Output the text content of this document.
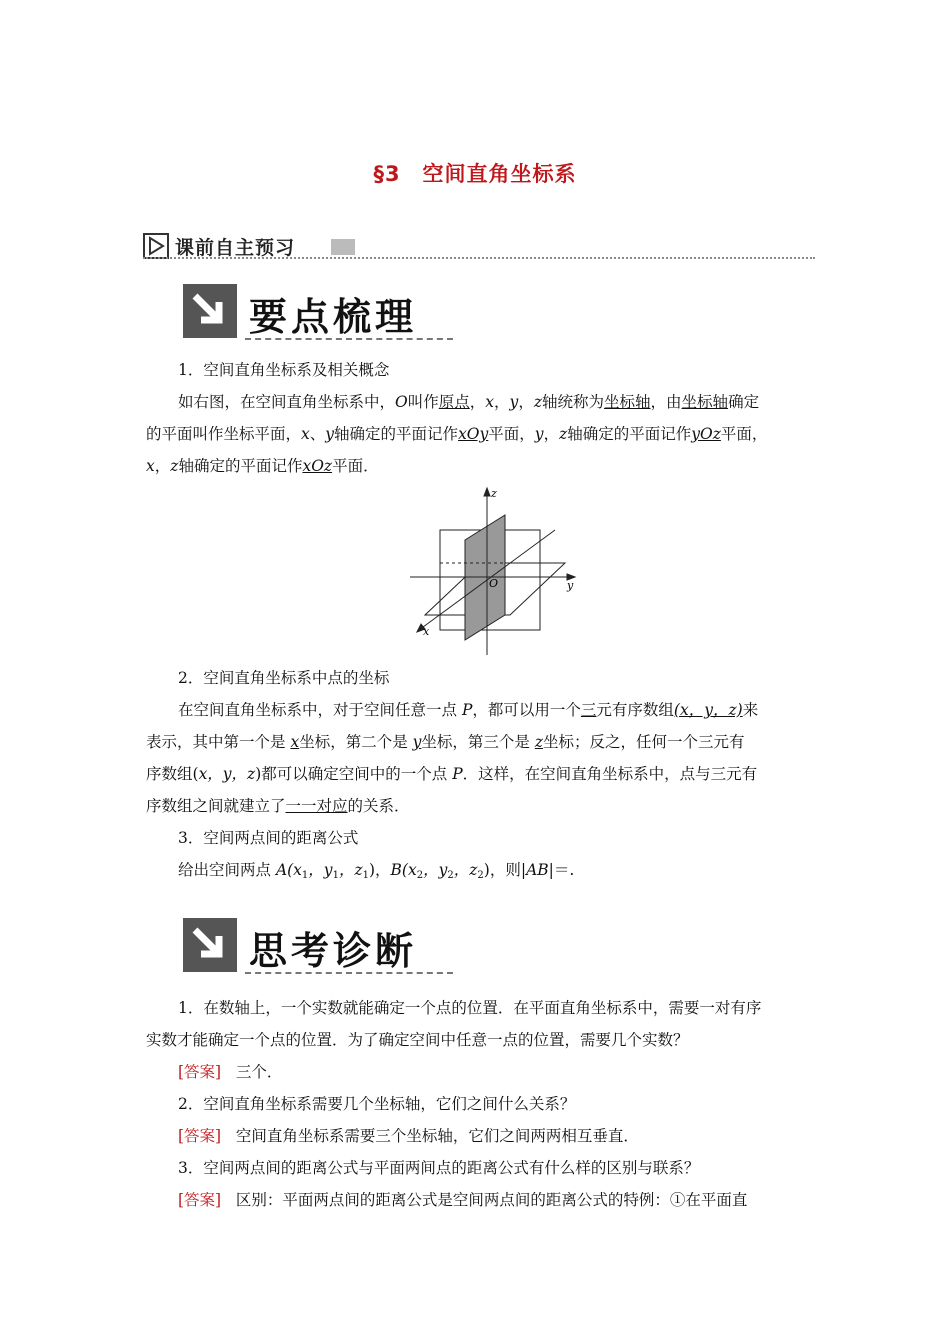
§3　空间直角坐标系
课前自主预习
要点梳理
1．空间直角坐标系及相关概念
如右图，在空间直角坐标系中，O叫作原点，x，y，z轴统称为坐标轴，由坐标轴确定
的平面叫作坐标平面，x、y轴确定的平面记作xOy平面，y，z轴确定的平面记作yOz平面，
x，z轴确定的平面记作xOz平面．
z
y
x
O
2．空间直角坐标系中点的坐标
在空间直角坐标系中，对于空间任意一点 P，都可以用一个三元有序数组(x，y，z)来
表示，其中第一个是 x坐标，第二个是 y坐标，第三个是 z坐标；反之，任何一个三元有
序数组(x，y，z)都可以确定空间中的一个点 P．这样，在空间直角坐标系中，点与三元有
序数组之间就建立了一一对应的关系．
3．空间两点间的距离公式
给出空间两点 $A(x_1$，$y_1$，$z_1$)，$B(x_2$，$y_2$，$z_2$)，则|AB|＝.
思考诊断
1．在数轴上，一个实数就能确定一个点的位置．在平面直角坐标系中，需要一对有序
实数才能确定一个点的位置．为了确定空间中任意一点的位置，需要几个实数？
[答案] 三个．
2．空间直角坐标系需要几个坐标轴，它们之间什么关系？
[答案] 空间直角坐标系需要三个坐标轴，它们之间两两相互垂直．
3．空间两点间的距离公式与平面两间点的距离公式有什么样的区别与联系？
[答案] 区别：平面两点间的距离公式是空间两点间的距离公式的特例：①在平面直
